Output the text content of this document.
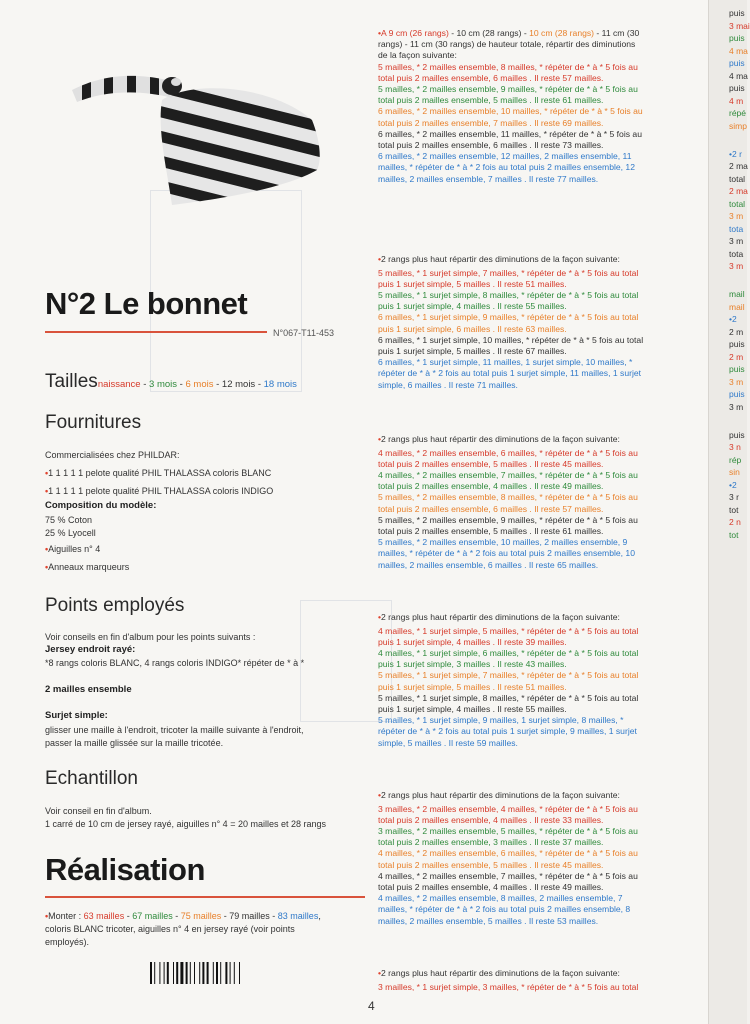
N°2 Le bonnet
N°067-T11-453
Taillesnaissance - 3 mois - 6 mois - 12 mois - 18 mois
Fournitures
Commercialisées chez PHILDAR:
•1 1 1 1 1 pelote qualité PHIL THALASSA coloris BLANC
•1 1 1 1 1 pelote qualité PHIL THALASSA coloris INDIGO
Composition du modèle:
75 % Coton
25 % Lyocell
•Aiguilles n° 4
•Anneaux marqueurs
Points employés
Voir conseils en fin d'album pour les points suivants :
Jersey endroit rayé:
*8 rangs coloris BLANC, 4 rangs coloris INDIGO* répéter de * à *
2 mailles ensemble
Surjet simple:
glisser une maille à l'endroit, tricoter la maille suivante à l'endroit,
passer la maille glissée sur la maille tricotée.
Echantillon
Voir conseil en fin d'album.
1 carré de 10 cm de jersey rayé, aiguilles n° 4 = 20 mailles et 28 rangs
Réalisation
•Monter : 63 mailles - 67 mailles - 75 mailles - 79 mailles - 83 mailles,
coloris BLANC tricoter, aiguilles n° 4 en jersey rayé (voir points
employés).
•A 9 cm (26 rangs) - 10 cm (28 rangs) - 10 cm (28 rangs) - 11 cm (30
rangs) - 11 cm (30 rangs) de hauteur totale, répartir des diminutions
de la façon suivante:
5 mailles, * 2 mailles ensemble, 8 mailles, * répéter de * à * 5 fois au
total puis 2 mailles ensemble, 6 mailles . Il reste 57 mailles.
5 mailles, * 2 mailles ensemble, 9 mailles, * répéter de * à * 5 fois au
total puis 2 mailles ensemble, 5 mailles . Il reste 61 mailles.
6 mailles, * 2 mailles ensemble, 10 mailles, * répéter de * à * 5 fois au
total puis 2 mailles ensemble, 7 mailles . Il reste 69 mailles.
6 mailles, * 2 mailles ensemble, 11 mailles, * répéter de * à * 5 fois au
total puis 2 mailles ensemble, 6 mailles . Il reste 73 mailles.
6 mailles, * 2 mailles ensemble, 12 mailles, 2 mailles ensemble, 11
mailles, * répéter de * à * 2 fois au total puis 2 mailles ensemble, 12
mailles, 2 mailles ensemble, 7 mailles . Il reste 77 mailles.
•2 rangs plus haut répartir des diminutions de la façon suivante:
5 mailles, * 1 surjet simple, 7 mailles, * répéter de * à * 5 fois au total
puis 1 surjet simple, 5 mailles . Il reste 51 mailles.
5 mailles, * 1 surjet simple, 8 mailles, * répéter de * à * 5 fois au total
puis 1 surjet simple, 4 mailles . Il reste 55 mailles.
6 mailles, * 1 surjet simple, 9 mailles, * répéter de * à * 5 fois au total
puis 1 surjet simple, 6 mailles . Il reste 63 mailles.
6 mailles, * 1 surjet simple, 10 mailles, * répéter de * à * 5 fois au total
puis 1 surjet simple, 5 mailles . Il reste 67 mailles.
6 mailles, * 1 surjet simple, 11 mailles, 1 surjet simple, 10 mailles, *
répéter de * à * 2 fois au total puis 1 surjet simple, 11 mailles, 1 surjet
simple, 6 mailles . Il reste 71 mailles.
•2 rangs plus haut répartir des diminutions de la façon suivante:
4 mailles, * 2 mailles ensemble, 6 mailles, * répéter de * à * 5 fois au
total puis 2 mailles ensemble, 5 mailles . Il reste 45 mailles.
4 mailles, * 2 mailles ensemble, 7 mailles, * répéter de * à * 5 fois au
total puis 2 mailles ensemble, 4 mailles . Il reste 49 mailles.
5 mailles, * 2 mailles ensemble, 8 mailles, * répéter de * à * 5 fois au
total puis 2 mailles ensemble, 6 mailles . Il reste 57 mailles.
5 mailles, * 2 mailles ensemble, 9 mailles, * répéter de * à * 5 fois au
total puis 2 mailles ensemble, 5 mailles . Il reste 61 mailles.
5 mailles, * 2 mailles ensemble, 10 mailles, 2 mailles ensemble, 9
mailles, * répéter de * à * 2 fois au total puis 2 mailles ensemble, 10
mailles, 2 mailles ensemble, 6 mailles . Il reste 65 mailles.
•2 rangs plus haut répartir des diminutions de la façon suivante:
4 mailles, * 1 surjet simple, 5 mailles, * répéter de * à * 5 fois au total
puis 1 surjet simple, 4 mailles . Il reste 39 mailles.
4 mailles, * 1 surjet simple, 6 mailles, * répéter de * à * 5 fois au total
puis 1 surjet simple, 3 mailles . Il reste 43 mailles.
5 mailles, * 1 surjet simple, 7 mailles, * répéter de * à * 5 fois au total
puis 1 surjet simple, 5 mailles . Il reste 51 mailles.
5 mailles, * 1 surjet simple, 8 mailles, * répéter de * à * 5 fois au total
puis 1 surjet simple, 4 mailles . Il reste 55 mailles.
5 mailles, * 1 surjet simple, 9 mailles, 1 surjet simple, 8 mailles, *
répéter de * à * 2 fois au total puis 1 surjet simple, 9 mailles, 1 surjet
simple, 5 mailles . Il reste 59 mailles.
•2 rangs plus haut répartir des diminutions de la façon suivante:
3 mailles, * 2 mailles ensemble, 4 mailles, * répéter de * à * 5 fois au
total puis 2 mailles ensemble, 4 mailles . Il reste 33 mailles.
3 mailles, * 2 mailles ensemble, 5 mailles, * répéter de * à * 5 fois au
total puis 2 mailles ensemble, 3 mailles . Il reste 37 mailles.
4 mailles, * 2 mailles ensemble, 6 mailles, * répéter de * à * 5 fois au
total puis 2 mailles ensemble, 5 mailles . Il reste 45 mailles.
4 mailles, * 2 mailles ensemble, 7 mailles, * répéter de * à * 5 fois au
total puis 2 mailles ensemble, 4 mailles . Il reste 49 mailles.
4 mailles, * 2 mailles ensemble, 8 mailles, 2 mailles ensemble, 7
mailles, * répéter de * à * 2 fois au total puis 2 mailles ensemble, 8
mailles, 2 mailles ensemble, 5 mailles . Il reste 53 mailles.
•2 rangs plus haut répartir des diminutions de la façon suivante:
3 mailles, * 1 surjet simple, 3 mailles, * répéter de * à * 5 fois au total
4
puis
3 mai
puis
4 ma
puis
4 ma
puis
4 m
répé
simp
•2 r
2 ma
total
2 ma
total
3 m
tota
3 m
tota
3 m
mail
mail
•2
2 m
puis
2 m
puis
3 m
puis
3 m
puis
3 n
rép
sin
•2
3 r
tot
2 n
tot
